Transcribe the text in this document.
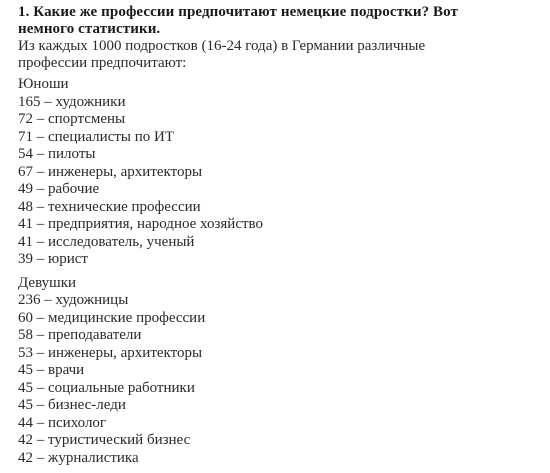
1. Какие же профессии предпочитают немецкие подростки? Вот немного статистики.

Из каждых 1000 подростков (16-24 года) в Германии различные профессии предпочитают:

Юноши

165 – художники
72 – спортсмены
71 – специалисты по ИТ
54 – пилоты
67 – инженеры, архитекторы
49 – рабочие
48 – технические профессии
41 – предприятия, народное хозяйство
41 – исследователь, ученый
39 – юрист

Девушки

236 – художницы
60 – медицинские профессии
58 – преподаватели
53 – инженеры, архитекторы
45 – врачи
45 – социальные работники
45 – бизнес-леди
44 – психолог
42 – туристический бизнес
42 – журналистика
